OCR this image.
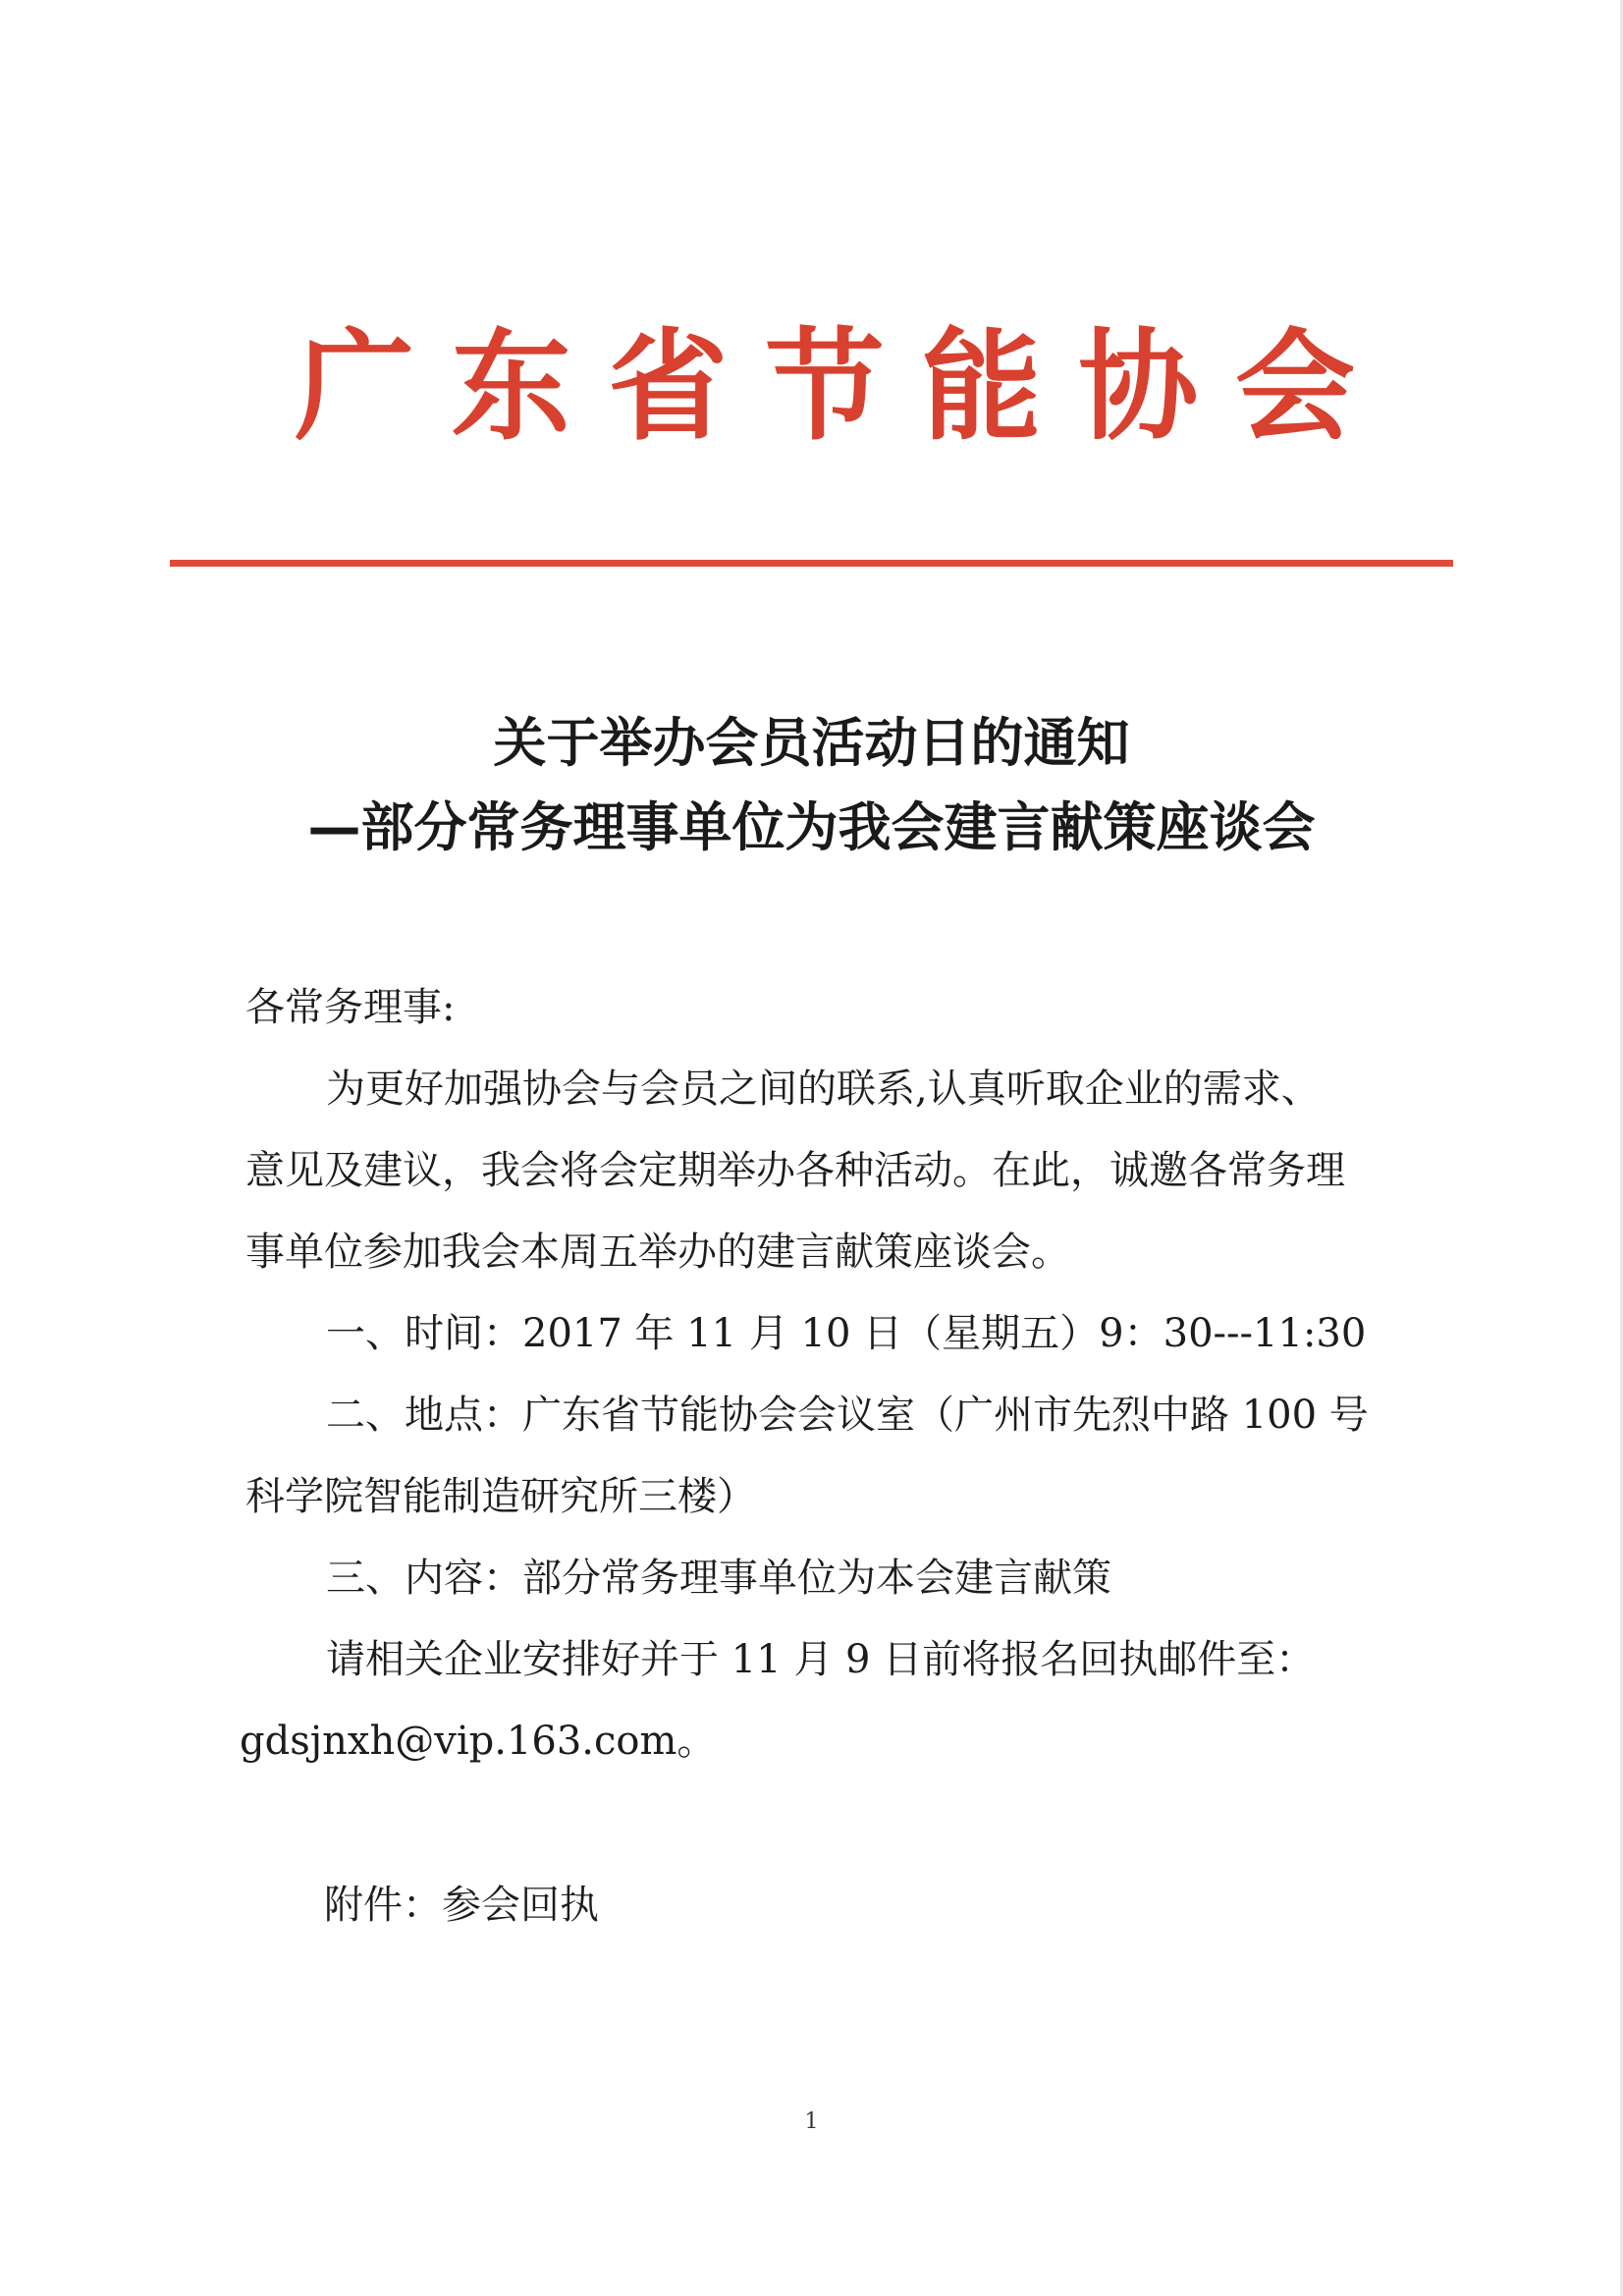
广 东 省 节 能 协 会
关于举办会员活动日的通知
—部分常务理事单位为我会建言献策座谈会
各常务理事:
为更好加强协会与会员之间的联系,认真听取企业的需求、
意见及建议，我会将会定期举办各种活动。在此，诚邀各常务理
事单位参加我会本周五举办的建言献策座谈会。
一、时间：2017 年 11 月 10 日（星期五）9：30---11:30
二、地点：广东省节能协会会议室（广州市先烈中路 100 号
科学院智能制造研究所三楼）
三、内容：部分常务理事单位为本会建言献策
请相关企业安排好并于 11 月 9 日前将报名回执邮件至：
gdsjnxh@vip.163.com。
附件：参会回执
1
